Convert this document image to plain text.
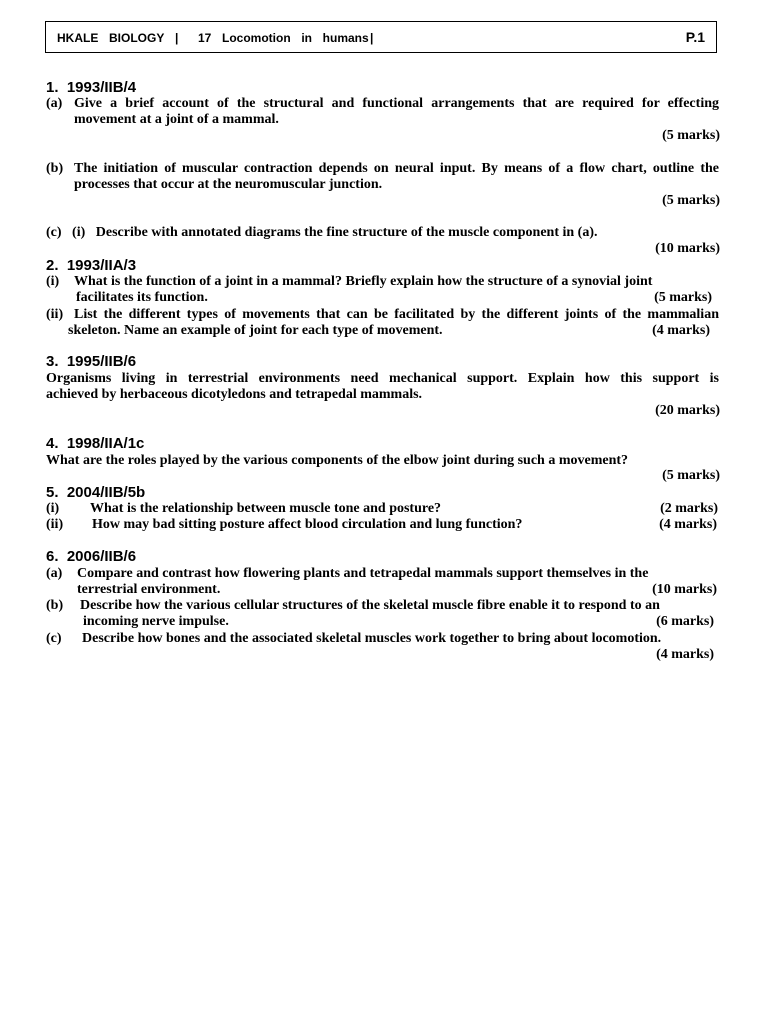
HKALE  BIOLOGY | 17  Locomotion  in  humans |	P.1
1.  1993/IIB/4
(a) Give a brief account of the structural and functional arrangements that are required for effecting
movement at a joint of a mammal.
(5 marks)
(b) The initiation of muscular contraction depends on neural input. By means of a flow chart, outline the
processes that occur at the neuromuscular junction.
(5 marks)
(c)   (i)   Describe with annotated diagrams the fine structure of the muscle component in (a).
(10 marks)
2.  1993/IIA/3
(i) What is the function of a joint in a mammal? Briefly explain how the structure of a synovial joint
facilitates its function.	(5 marks)
(ii) List the different types of movements that can be facilitated by the different joints of the mammalian
skeleton. Name an example of joint for each type of movement.	(4 marks)
3.  1995/IIB/6
Organisms living in terrestrial environments need mechanical support. Explain how this support is
achieved by herbaceous dicotyledons and tetrapedal mammals.
(20 marks)
4.  1998/IIA/1c
What are the roles played by the various components of the elbow joint during such a movement?
(5 marks)
5.  2004/IIB/5b
(i) What is the relationship between muscle tone and posture?	(2 marks)
(ii) How may bad sitting posture affect blood circulation and lung function?	(4 marks)
6.  2006/IIB/6
(a) Compare and contrast how flowering plants and tetrapedal mammals support themselves in the
terrestrial environment.	(10 marks)
(b) Describe how the various cellular structures of the skeletal muscle fibre enable it to respond to an
incoming nerve impulse.	(6 marks)
(c) Describe how bones and the associated skeletal muscles work together to bring about locomotion.
(4 marks)
